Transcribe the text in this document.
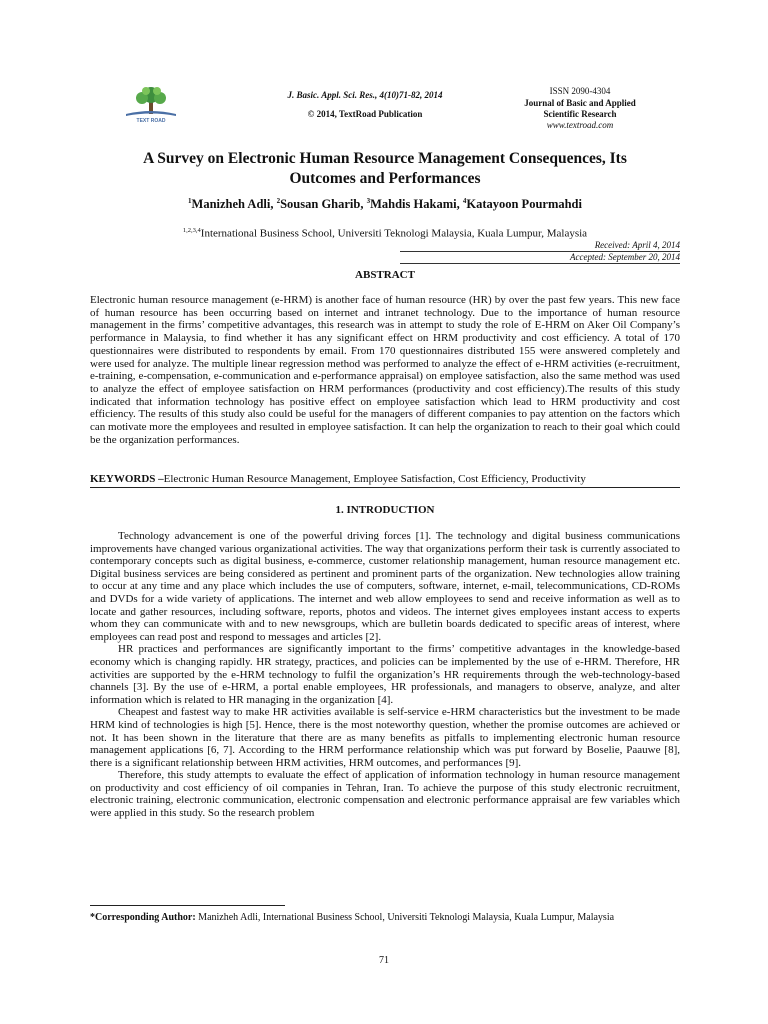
TEXT ROAD
J. Basic. Appl. Sci. Res., 4(10)71-82, 2014
© 2014, TextRoad Publication
ISSN 2090-4304
Journal of Basic and Applied
Scientific Research
www.textroad.com
A Survey on Electronic Human Resource Management Consequences, Its
Outcomes and Performances
$^1$Manizheh Adli, $^2$Sousan Gharib, $^3$Mahdis Hakami, $^4$Katayoon Pourmahdi
$^{1,2,3,4}$International Business School, Universiti Teknologi Malaysia, Kuala Lumpur, Malaysia
Received: April 4, 2014
Accepted: September 20, 2014
ABSTRACT

Electronic human resource management (e-HRM) is another face of human resource (HR) by over the past few years. This new face of human resource has been occurring based on internet and intranet technology. Due to the importance of human resource management in the firms’ competitive advantages, this research was in attempt to study the role of E-HRM on Aker Oil Company’s performance in Malaysia, to find whether it has any significant effect on HRM productivity and cost efficiency. A total of 170 questionnaires were distributed to respondents by email. From 170 questionnaires distributed 155 were answered completely and were used for analyze. The multiple linear regression method was performed to analyze the effect of e-HRM activities (e-recruitment, e-training, e-compensation, e-communication and e-performance appraisal) on employee satisfaction, also the same method was used to analyze the effect of employee satisfaction on HRM performances (productivity and cost efficiency).The results of this study indicated that information technology has positive effect on employee satisfaction which lead to HRM productivity and cost efficiency. The results of this study also could be useful for the managers of different companies to pay attention on the factors which can motivate more the employees and resulted in employee satisfaction. It can help the organization to reach to their goal which could be the organization performances.

KEYWORDS –Electronic Human Resource Management, Employee Satisfaction, Cost Efficiency, Productivity
1. INTRODUCTION

Technology advancement is one of the powerful driving forces [1]. The technology and digital business communications improvements have changed various organizational activities. The way that organizations perform their task is currently associated to contemporary concepts such as digital business, e-commerce, customer relationship management, human resource management etc. Digital business services are being considered as pertinent and prominent parts of the organization. New technologies allow training to occur at any time and any place which includes the use of computers, software, internet, e-mail, telecommunications, CD-ROMs and DVDs for a wide variety of applications. The internet and web allow employees to send and receive information as well as to locate and gather resources, including software, reports, photos and videos. The internet gives employees instant access to experts whom they can communicate with and to new newsgroups, which are bulletin boards dedicated to specific areas of interest, where employees can read post and respond to messages and articles [2].

HR practices and performances are significantly important to the firms’ competitive advantages in the knowledge-based economy which is changing rapidly. HR strategy, practices, and policies can be implemented by the use of e-HRM. Therefore, HR activities are supported by the e-HRM technology to fulfil the organization’s HR requirements through the web-technology-based channels [3]. By the use of e-HRM, a portal enable employees, HR professionals, and managers to observe, analyze, and alter information which is related to HR managing in the organization [4].

Cheapest and fastest way to make HR activities available is self-service e-HRM characteristics but the investment to be made HRM kind of technologies is high [5]. Hence, there is the most noteworthy question, whether the promise outcomes are achieved or not. It has been shown in the literature that there are as many benefits as pitfalls to implementing electronic human resource management applications [6, 7]. According to the HRM performance relationship which was put forward by Boselie, Paauwe [8], there is a significant relationship between HRM activities, HRM outcomes, and performances [9].

Therefore, this study attempts to evaluate the effect of application of information technology in human resource management on productivity and cost efficiency of oil companies in Tehran, Iran. To achieve the purpose of this study electronic recruitment, electronic training, electronic communication, electronic compensation and electronic performance appraisal are few variables which were applied in this study. So the research problem

*Corresponding Author: Manizheh Adli, International Business School, Universiti Teknologi Malaysia, Kuala Lumpur, Malaysia
71
